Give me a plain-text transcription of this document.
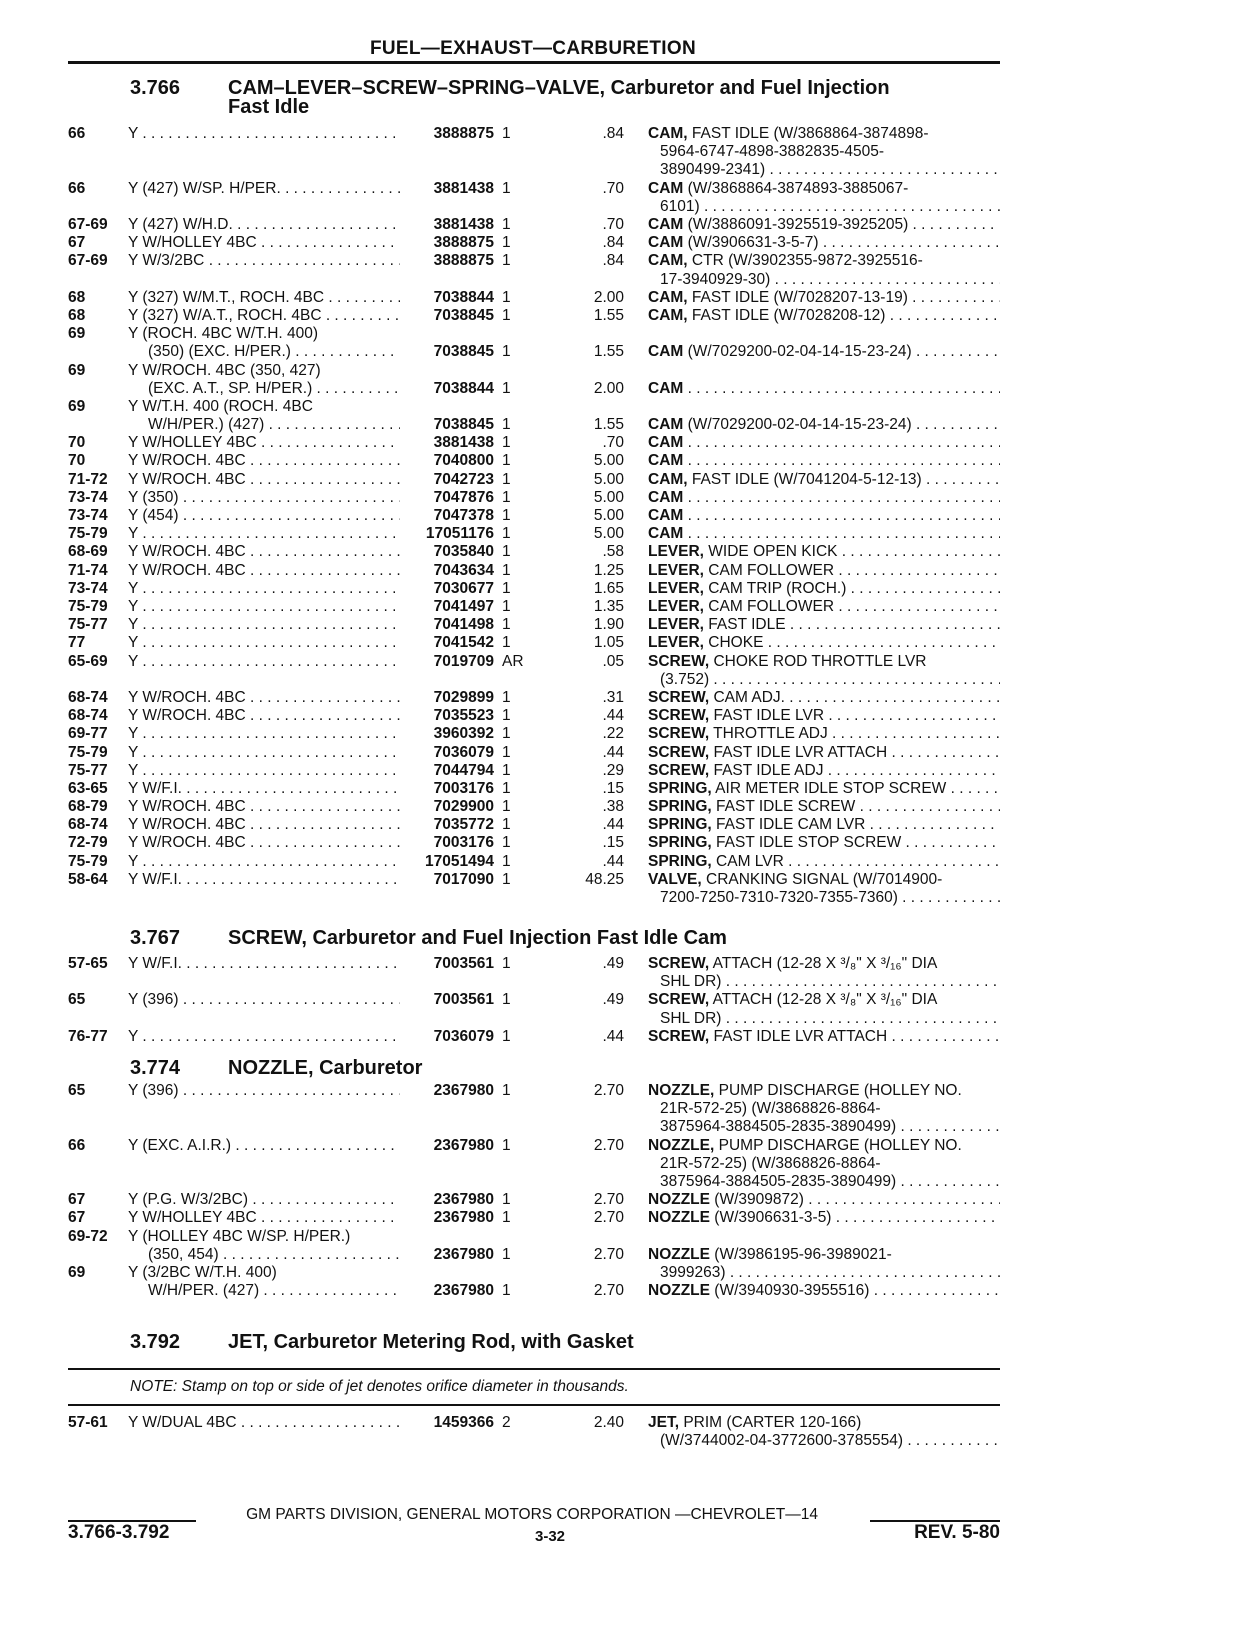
FUEL—EXHAUST—CARBURETION
3.766 CAM–LEVER–SCREW–SPRING–VALVE, Carburetor and Fuel Injection
Fast Idle
66	Y . . .	3888875 1	.84 CAM, FAST IDLE (W/3868864-3874898-
5964-6747-4898-3882835-4505-
3890499-2341) . . .
66	Y (427) W/SP. H/PER. . . .	3881438 1	.70 CAM (W/3868864-3874893-3885067-
6101) . . .
67-69	Y (427) W/H.D. . . .	3881438 1	.70 CAM (W/3886091-3925519-3925205) . . .
67	Y W/HOLLEY 4BC . . .	3888875 1	.84 CAM (W/3906631-3-5-7) . . .
67-69	Y W/3/2BC . . .	3888875 1	.84 CAM, CTR (W/3902355-9872-3925516-
17-3940929-30) . . .
68	Y (327) W/M.T., ROCH. 4BC . . .	7038844 1	2.00 CAM, FAST IDLE (W/7028207-13-19) . . .
68	Y (327) W/A.T., ROCH. 4BC . . .	7038845 1	1.55 CAM, FAST IDLE (W/7028208-12) . . .
69	Y (ROCH. 4BC W/T.H. 400)
(350) (EXC. H/PER.) . . .	7038845 1	1.55 CAM (W/7029200-02-04-14-15-23-24) . . .
69	Y W/ROCH. 4BC (350, 427)
(EXC. A.T., SP. H/PER.) . . .	7038844 1	2.00 CAM . . .
69	Y W/T.H. 400 (ROCH. 4BC
W/H/PER.) (427) . . .	7038845 1	1.55 CAM (W/7029200-02-04-14-15-23-24) . . .
70	Y W/HOLLEY 4BC . . .	3881438 1	.70 CAM . . .
70	Y W/ROCH. 4BC . . .	7040800 1	5.00 CAM . . .
71-72	Y W/ROCH. 4BC . . .	7042723 1	5.00 CAM, FAST IDLE (W/7041204-5-12-13) . . .
73-74	Y (350) . . .	7047876 1	5.00 CAM . . .
73-74	Y (454) . . .	7047378 1	5.00 CAM . . .
75-79	Y . . .	17051176 1	5.00 CAM . . .
68-69	Y W/ROCH. 4BC . . .	7035840 1	.58 LEVER, WIDE OPEN KICK . . .
71-74	Y W/ROCH. 4BC . . .	7043634 1	1.25 LEVER, CAM FOLLOWER . . .
73-74	Y . . .	7030677 1	1.65 LEVER, CAM TRIP (ROCH.) . . .
75-79	Y . . .	7041497 1	1.35 LEVER, CAM FOLLOWER . . .
75-77	Y . . .	7041498 1	1.90 LEVER, FAST IDLE . . .
77	Y . . .	7041542 1	1.05 LEVER, CHOKE . . .
65-69	Y . . .	7019709 AR	.05 SCREW, CHOKE ROD THROTTLE LVR
(3.752) . . .
68-74	Y W/ROCH. 4BC . . .	7029899 1	.31 SCREW, CAM ADJ. . . .
68-74	Y W/ROCH. 4BC . . .	7035523 1	.44 SCREW, FAST IDLE LVR . . .
69-77	Y . . .	3960392 1	.22 SCREW, THROTTLE ADJ . . .
75-79	Y . . .	7036079 1	.44 SCREW, FAST IDLE LVR ATTACH . . .
75-77	Y . . .	7044794 1	.29 SCREW, FAST IDLE ADJ . . .
63-65	Y W/F.I. . . .	7003176 1	.15 SPRING, AIR METER IDLE STOP SCREW . . .
68-79	Y W/ROCH. 4BC . . .	7029900 1	.38 SPRING, FAST IDLE SCREW . . .
68-74	Y W/ROCH. 4BC . . .	7035772 1	.44 SPRING, FAST IDLE CAM LVR . . .
72-79	Y W/ROCH. 4BC . . .	7003176 1	.15 SPRING, FAST IDLE STOP SCREW . . .
75-79	Y . . .	17051494 1	.44 SPRING, CAM LVR . . .
58-64	Y W/F.I. . . .	7017090 1	48.25 VALVE, CRANKING SIGNAL (W/7014900-
7200-7250-7310-7320-7355-7360) . . .
3.767 SCREW, Carburetor and Fuel Injection Fast Idle Cam
57-65	Y W/F.I. . . .	7003561 1	.49 SCREW, ATTACH (12-28 X ³/₈" X ³/₁₆" DIA
SHL DR) . . .
65	Y (396) . . .	7003561 1	.49 SCREW, ATTACH (12-28 X ³/₈" X ³/₁₆" DIA
SHL DR) . . .
76-77	Y . . .	7036079 1	.44 SCREW, FAST IDLE LVR ATTACH . . .
3.774 NOZZLE, Carburetor
65	Y (396) . . .	2367980 1	2.70 NOZZLE, PUMP DISCHARGE (HOLLEY NO.
21R-572-25) (W/3868826-8864-
3875964-3884505-2835-3890499) . . .
66	Y (EXC. A.I.R.) . . .	2367980 1	2.70 NOZZLE, PUMP DISCHARGE (HOLLEY NO.
21R-572-25) (W/3868826-8864-
3875964-3884505-2835-3890499) . . .
67	Y (P.G. W/3/2BC) . . .	2367980 1	2.70 NOZZLE (W/3909872) . . .
67	Y W/HOLLEY 4BC . . .	2367980 1	2.70 NOZZLE (W/3906631-3-5) . . .
69-72	Y (HOLLEY 4BC W/SP. H/PER.)
(350, 454) . . .	2367980 1	2.70 NOZZLE (W/3986195-96-3989021-
3999263) . . .
69	Y (3/2BC W/T.H. 400)
W/H/PER. (427) . . .	2367980 1	2.70 NOZZLE (W/3940930-3955516) . . .
3.792 JET, Carburetor Metering Rod, with Gasket
NOTE: Stamp on top or side of jet denotes orifice diameter in thousands.
57-61	Y W/DUAL 4BC . . .	1459366 2	2.40 JET, PRIM (CARTER 120-166)
(W/3744002-04-3772600-3785554) . . .
GM PARTS DIVISION, GENERAL MOTORS CORPORATION —CHEVROLET—14
3.766-3.792	3-32	REV. 5-80
